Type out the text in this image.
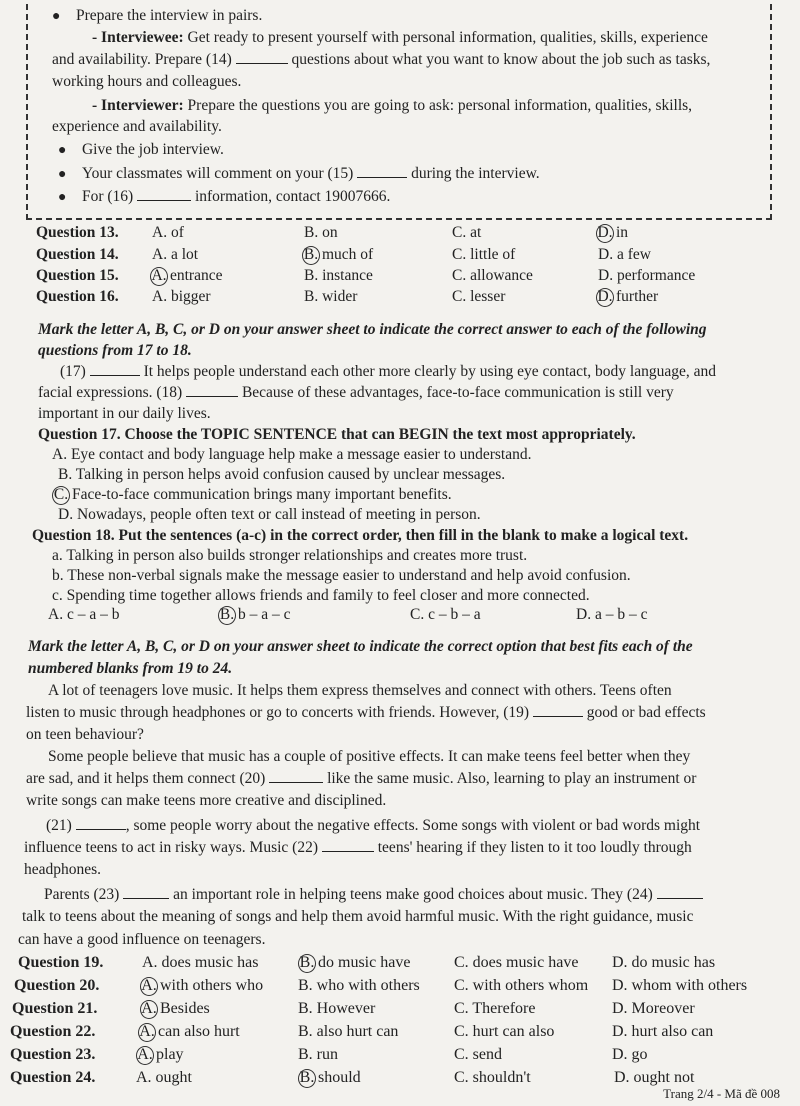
● Prepare the interview in pairs.
- Interviewee: Get ready to present yourself with personal information, qualities, skills, experience
and availability. Prepare (14)	questions about what you want to know about the job such as tasks,
working hours and colleagues.
- Interviewer: Prepare the questions you are going to ask: personal information, qualities, skills,
experience and availability.
● Give the job interview.
● Your classmates will comment on your (15)	during the interview.
● For (16)	information, contact 19007666.
Question 13. A. of	B. on	C. at	D. in
Question 14. A. a lot	B. much of	C. little of	D. a few
Question 15. A. entrance	B. instance	C. allowance	D. performance
Question 16. A. bigger	B. wider	C. lesser	D. further
Mark the letter A, B, C, or D on your answer sheet to indicate the correct answer to each of the following
questions from 17 to 18.
(17)	It helps people understand each other more clearly by using eye contact, body language, and
facial expressions. (18)	Because of these advantages, face-to-face communication is still very
important in our daily lives.
Question 17. Choose the TOPIC SENTENCE that can BEGIN the text most appropriately.
A. Eye contact and body language help make a message easier to understand.
B. Talking in person helps avoid confusion caused by unclear messages.
C. Face-to-face communication brings many important benefits.
D. Nowadays, people often text or call instead of meeting in person.
Question 18. Put the sentences (a-c) in the correct order, then fill in the blank to make a logical text.
a. Talking in person also builds stronger relationships and creates more trust.
b. These non-verbal signals make the message easier to understand and help avoid confusion.
c. Spending time together allows friends and family to feel closer and more connected.
A. c – a – b	B. b – a – c	C. c – b – a	D. a – b – c
Mark the letter A, B, C, or D on your answer sheet to indicate the correct option that best fits each of the
numbered blanks from 19 to 24.
A lot of teenagers love music. It helps them express themselves and connect with others. Teens often
listen to music through headphones or go to concerts with friends. However, (19)	good or bad effects
on teen behaviour?
Some people believe that music has a couple of positive effects. It can make teens feel better when they
are sad, and it helps them connect (20)	like the same music. Also, learning to play an instrument or
write songs can make teens more creative and disciplined.
(21)	, some people worry about the negative effects. Some songs with violent or bad words might
influence teens to act in risky ways. Music (22)	teens' hearing if they listen to it too loudly through
headphones.
Parents (23)	an important role in helping teens make good choices about music. They (24)
talk to teens about the meaning of songs and help them avoid harmful music. With the right guidance, music
can have a good influence on teenagers.
Question 19. A. does music has	B. do music have	C. does music have D. do music has
Question 20.	A. with others who B. who with others C. with others whom D. whom with others
Question 21.	A. Besides	B. However	C. Therefore	D. Moreover
Question 22.	A. can also hurt	B. also hurt can	C. hurt can also	D. hurt also can
Question 23.	A. play	B. run	C. send	D. go
Question 24.	A. ought	B. should	C. shouldn't	D. ought not
Trang 2/4 - Mã đề 008
